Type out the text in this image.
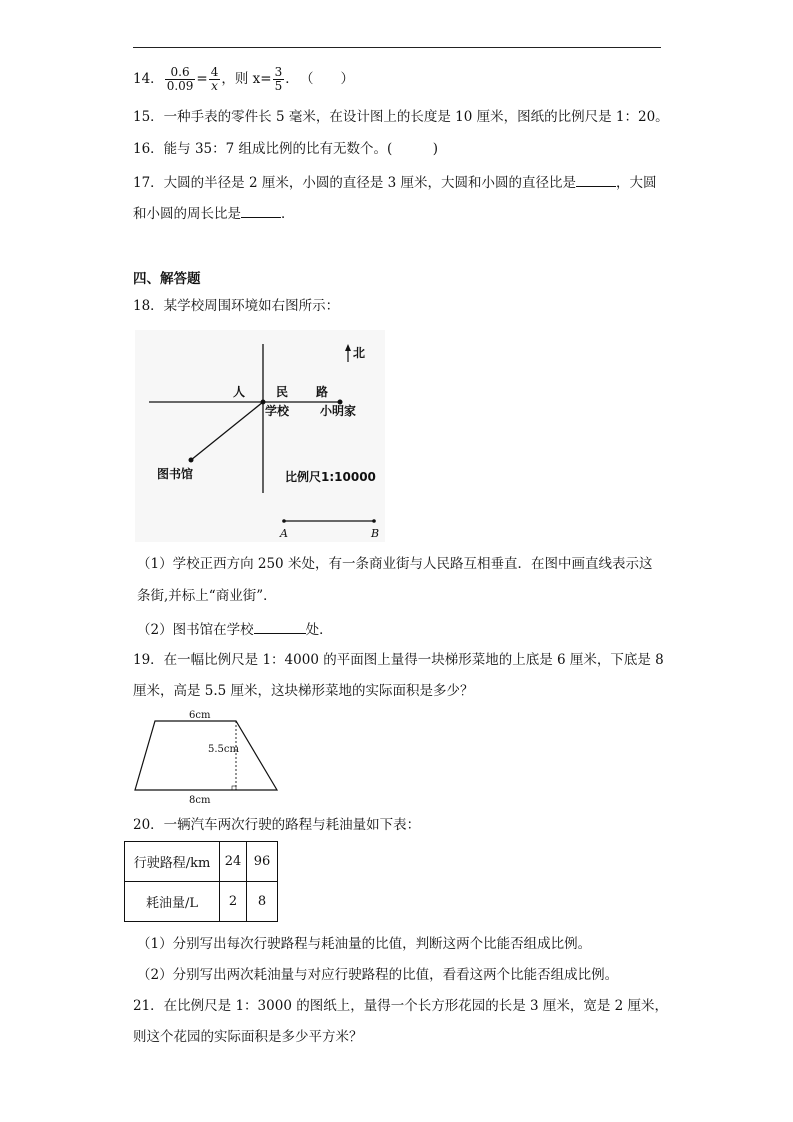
14． $\frac{0.6}{0.09} = \frac{4}{x}$ ，则 $x= \frac{3}{5}$ ． （　　）
15．一种手表的零件长 5 毫米，在设计图上的长度是 10 厘米，图纸的比例尺是 1：20。
16．能与 35：7 组成比例的比有无数个。(　　　)
17．大圆的半径是 2 厘米，小圆的直径是 3 厘米，大圆和小圆的直径比是	，大圆
和小圆的周长比是	．
四、解答题
18．某学校周围环境如右图所示：
北
人	民 路
学校	小明家
图书馆	比例尺1:10000
A	B
（1）学校正西方向 250 米处，有一条商业街与人民路互相垂直．在图中画直线表示这
条街,并标上“商业街”．
（2）图书馆在学校	处．
19．在一幅比例尺是 1：4000 的平面图上量得一块梯形菜地的上底是 6 厘米，下底是 8
厘米，高是 5.5 厘米，这块梯形菜地的实际面积是多少？
6cm
5.5cm
8cm
20．一辆汽车两次行驶的路程与耗油量如下表：
行驶路程/km	24	96
耗油量/L	2	8
（1）分别写出每次行驶路程与耗油量的比值，判断这两个比能否组成比例。
（2）分别写出两次耗油量与对应行驶路程的比值，看看这两个比能否组成比例。
21．在比例尺是 1：3000 的图纸上，量得一个长方形花园的长是 3 厘米，宽是 2 厘米，
则这个花园的实际面积是多少平方米？
